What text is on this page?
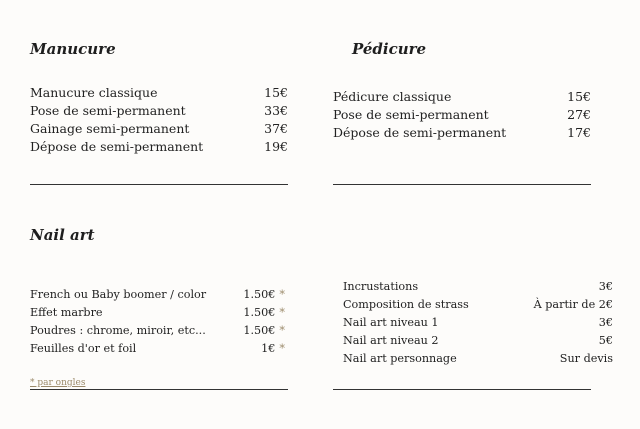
Manucure	Pédicure
Manucure classique	15€
Pose de semi-permanent	33€
Gainage semi-permanent	37€
Dépose de semi-permanent	19€
Pédicure classique	15€
Pose de semi-permanent	27€
Dépose de semi-permanent	17€
Nail art
French ou Baby boomer / color	1.50€ *
Effet marbre	1.50€ *
Poudres : chrome, miroir, etc...	1.50€ *
Feuilles d'or et foil	1€ *
Incrustations	3€
Composition de strass	À partir de 2€
Nail art niveau 1	3€
Nail art niveau 2	5€
Nail art personnage	Sur devis
* par ongles
